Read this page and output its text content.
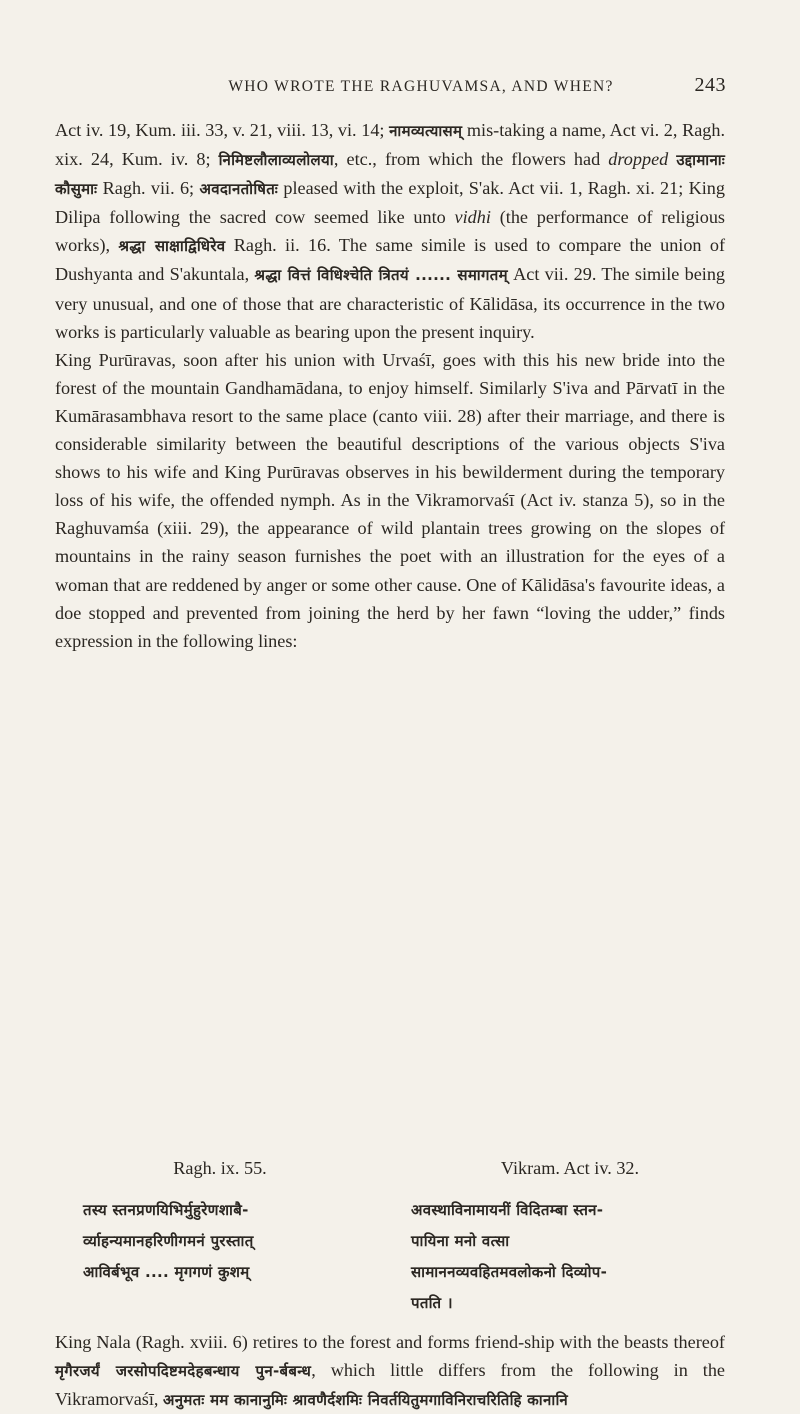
WHO WROTE THE RAGHUVAMSA, AND WHEN?	243

Act iv. 19, Kum. iii. 33, v. 21, viii. 13, vi. 14; नामव्यत्यासम् mis-taking a name, Act vi. 2, Ragh. xix. 24, Kum. iv. 8; निमिष्टलौलाव्यलोलया, etc., from which the flowers had dropped उद्दामानाः कौसुमाः Ragh. vii. 6; अवदानतोषितः pleased with the exploit, S'ak. Act vii. 1, Ragh. xi. 21; King Dilipa following the sacred cow seemed like unto vidhi (the performance of religious works), श्रद्धा साक्षाद्विधिरेव Ragh. ii. 16. The same simile is used to compare the union of Dushyanta and S'akuntala, श्रद्धा वित्तं विधिश्चेति त्रितयं ...... समागतम् Act vii. 29. The simile being very unusual, and one of those that are characteristic of Kālidāsa, its occurrence in the two works is particularly valuable as bearing upon the present inquiry.

King Purūravas, soon after his union with Urvaśī, goes with this his new bride into the forest of the mountain Gandhamādana, to enjoy himself. Similarly S'iva and Pārvatī in the Kumārasambhava resort to the same place (canto viii. 28) after their marriage, and there is considerable similarity between the beautiful descriptions of the various objects S'iva shows to his wife and King Purūravas observes in his bewilderment during the temporary loss of his wife, the offended nymph. As in the Vikramorvaśī (Act iv. stanza 5), so in the Raghuvamśa (xiii. 29), the appearance of wild plantain trees growing on the slopes of mountains in the rainy season furnishes the poet with an illustration for the eyes of a woman that are reddened by anger or some other cause. One of Kālidāsa's favourite ideas, a doe stopped and prevented from joining the herd by her fawn “loving the udder,” finds expression in the following lines:

Ragh. ix. 55.
तस्य स्तनप्रणयिभिर्मुहुरेणशाबै-
र्व्याहन्यमानहरिणीगमनं पुरस्तात्
आविर्बभूव .... मृगगणं कुशम्
Vikram. Act iv. 32.
अवस्थाविनामायनीं विदितम्बा स्तन-
पायिना मनो वत्सा
सामाननव्यवहितमवलोकनो दिव्योप-
पतति ।

King Nala (Ragh. xviii. 6) retires to the forest and forms friend-ship with the beasts thereof मृगैरजर्यं जरसोपदिष्टमदेहबन्धाय पुन-र्बबन्ध, which little differs from the following in the Vikramorvaśī, अनुमतः मम कानानुमिः श्रावणैर्दशमिः निवर्तयितुमगाविनिराचरितिहि कानानि
